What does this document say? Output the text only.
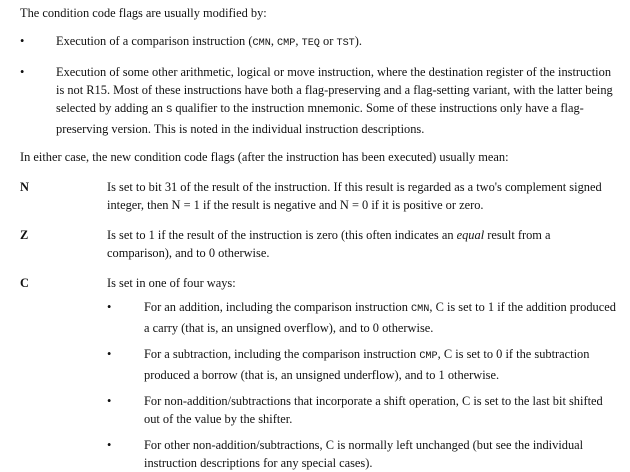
The condition code flags are usually modified by:

•	Execution of a comparison instruction (CMN, CMP, TEQ or TST).
•	Execution of some other arithmetic, logical or move instruction, where the destination register of the instruction is not R15. Most of these instructions have both a flag-preserving and a flag-setting variant, with the latter being selected by adding an S qualifier to the instruction mnemonic. Some of these instructions only have a flag-preserving version. This is noted in the individual instruction descriptions.

In either case, the new condition code flags (after the instruction has been executed) usually mean:

N	Is set to bit 31 of the result of the instruction. If this result is regarded as a two's complement signed integer, then N = 1 if the result is negative and N = 0 if it is positive or zero.
Z	Is set to 1 if the result of the instruction is zero (this often indicates an equal result from a comparison), and to 0 otherwise.
C	Is set in one of four ways:

•	For an addition, including the comparison instruction CMN, C is set to 1 if the addition produced a carry (that is, an unsigned overflow), and to 0 otherwise.
•	For a subtraction, including the comparison instruction CMP, C is set to 0 if the subtraction produced a borrow (that is, an unsigned underflow), and to 1 otherwise.
•	For non-addition/subtractions that incorporate a shift operation, C is set to the last bit shifted out of the value by the shifter.
•	For other non-addition/subtractions, C is normally left unchanged (but see the individual instruction descriptions for any special cases).
